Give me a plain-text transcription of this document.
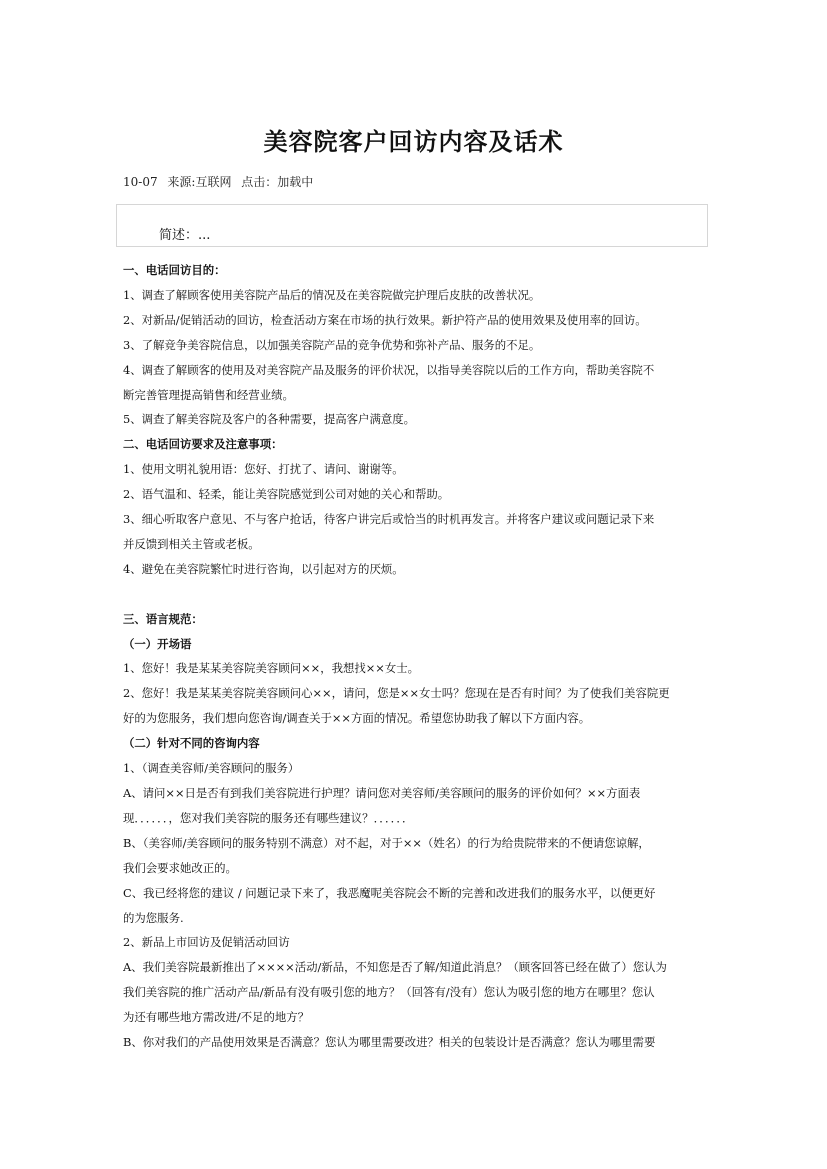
美容院客户回访内容及话术
10-07 来源:互联网 点击：加载中
简述：...

一、电话回访目的：

1、调查了解顾客使用美容院产品后的情况及在美容院做完护理后皮肤的改善状况。

2、对新品/促销活动的回访，检查活动方案在市场的执行效果。新护符产品的使用效果及使用率的回访。

3、了解竞争美容院信息，以加强美容院产品的竞争优势和弥补产品、服务的不足。

4、调查了解顾客的使用及对美容院产品及服务的评价状况，以指导美容院以后的工作方向，帮助美容院不

断完善管理提高销售和经营业绩。

5、调查了解美容院及客户的各种需要，提高客户满意度。

二、电话回访要求及注意事项：

1、使用文明礼貌用语：您好、打扰了、请问、谢谢等。

2、语气温和、轻柔，能让美容院感觉到公司对她的关心和帮助。

3、细心听取客户意见、不与客户抢话，待客户讲完后或恰当的时机再发言。并将客户建议或问题记录下来

并反馈到相关主管或老板。

4、避免在美容院繁忙时进行咨询，以引起对方的厌烦。

三、语言规范：

（一）开场语

1、您好！我是某某美容院美容顾问××，我想找××女士。

2、您好！我是某某美容院美容顾问心××，请问，您是××女士吗？您现在是否有时间？为了使我们美容院更

好的为您服务，我们想向您咨询/调查关于××方面的情况。希望您协助我了解以下方面内容。

（二）针对不同的咨询内容

1、（调查美容师/美容顾问的服务）

A、请问××日是否有到我们美容院进行护理？请问您对美容师/美容顾问的服务的评价如何？××方面表

现．．．．．．，您对我们美容院的服务还有哪些建议？．．．．．．

B、（美容师/美容顾问的服务特别不满意）对不起，对于××（姓名）的行为给贵院带来的不便请您谅解，

我们会要求她改正的。

C、我已经将您的建议 / 问题记录下来了，我恶魔呢美容院会不断的完善和改进我们的服务水平，以便更好

的为您服务.

2、新品上市回访及促销活动回访

A、我们美容院最新推出了××××活动/新品，不知您是否了解/知道此消息？（顾客回答已经在做了）您认为

我们美容院的推广活动产品/新品有没有吸引您的地方？（回答有/没有）您认为吸引您的地方在哪里？您认

为还有哪些地方需改进/不足的地方？

B、你对我们的产品使用效果是否满意？您认为哪里需要改进？相关的包装设计是否满意？您认为哪里需要
